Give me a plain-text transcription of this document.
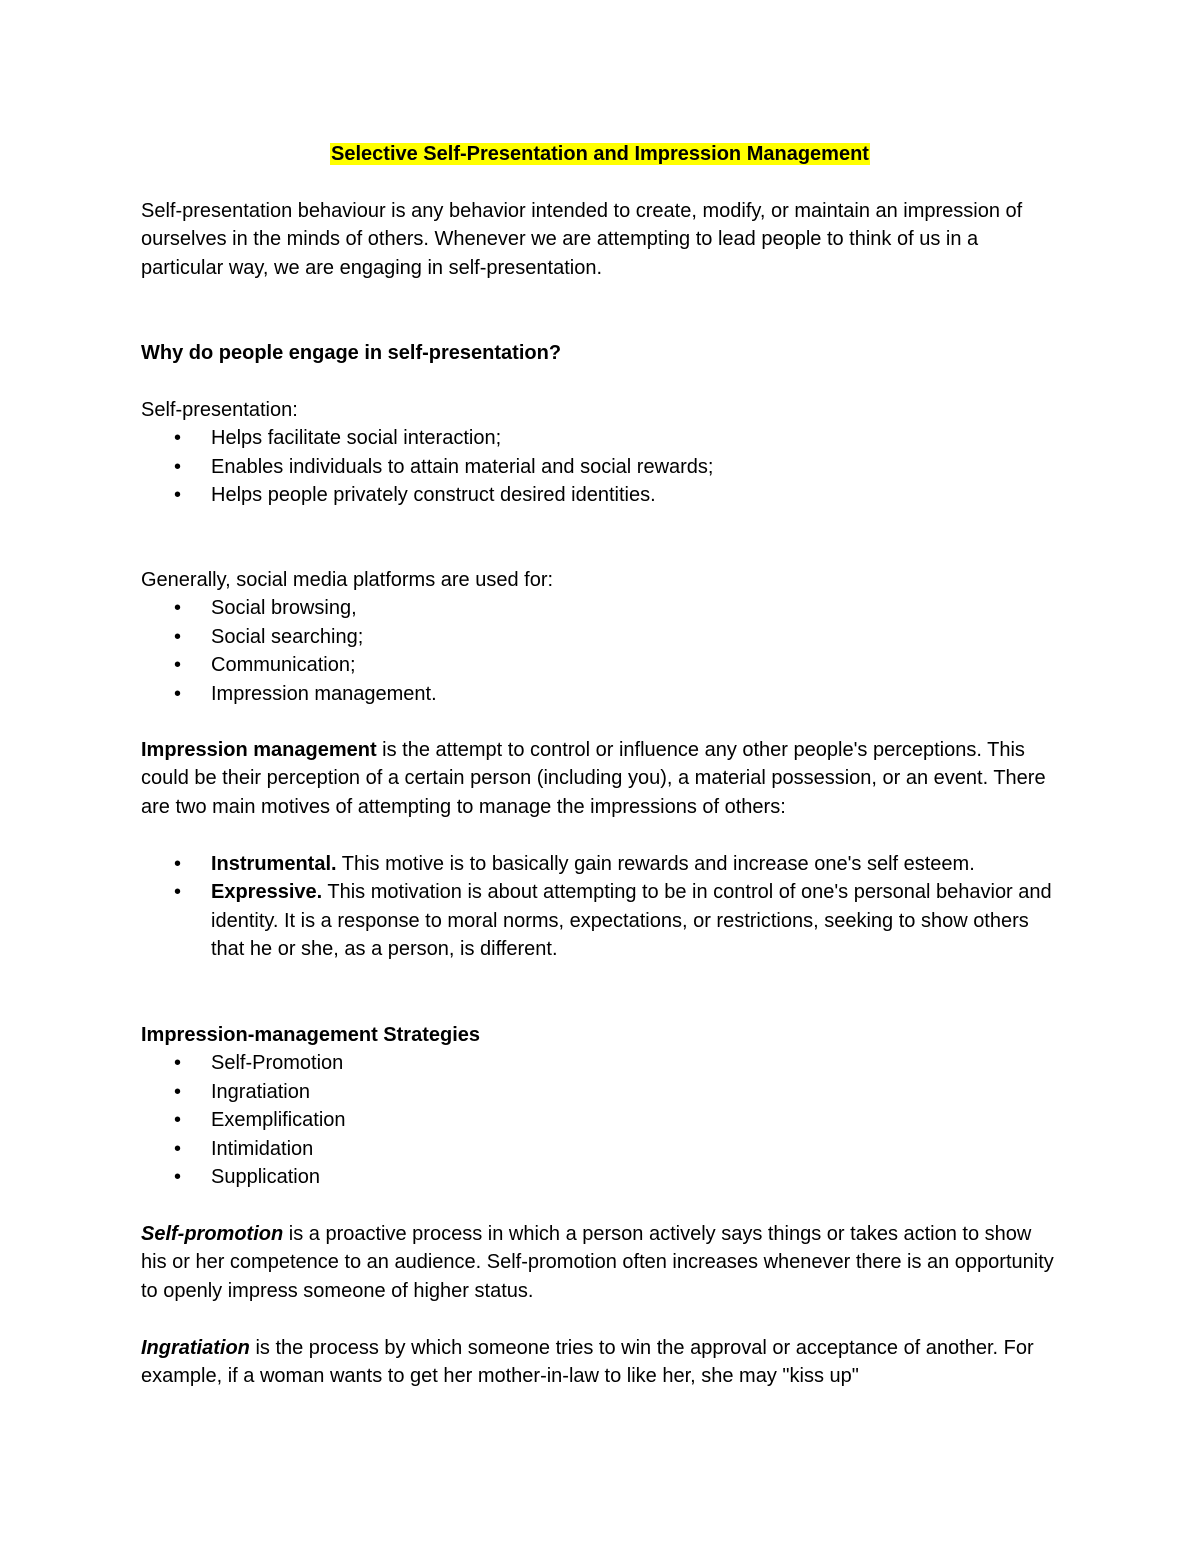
Selective Self-Presentation and Impression Management

Self-presentation behaviour is any behavior intended to create, modify, or maintain an impression of ourselves in the minds of others. Whenever we are attempting to lead people to think of us in a particular way, we are engaging in self-presentation.

Why do people engage in self-presentation?

Self-presentation:

• Helps facilitate social interaction;
• Enables individuals to attain material and social rewards;
• Helps people privately construct desired identities.

Generally, social media platforms are used for:

• Social browsing,
• Social searching;
• Communication;
• Impression management.

Impression management is the attempt to control or influence any other people's perceptions. This could be their perception of a certain person (including you), a material possession, or an event. There are two main motives of attempting to manage the impressions of others:

• Instrumental. This motive is to basically gain rewards and increase one's self esteem.
• Expressive. This motivation is about attempting to be in control of one's personal behavior and identity. It is a response to moral norms, expectations, or restrictions, seeking to show others that he or she, as a person, is different.

Impression-management Strategies

• Self-Promotion
• Ingratiation
• Exemplification
• Intimidation
• Supplication

Self-promotion is a proactive process in which a person actively says things or takes action to show his or her competence to an audience. Self-promotion often increases whenever there is an opportunity to openly impress someone of higher status.

Ingratiation is the process by which someone tries to win the approval or acceptance of another. For example, if a woman wants to get her mother-in-law to like her, she may "kiss up"
